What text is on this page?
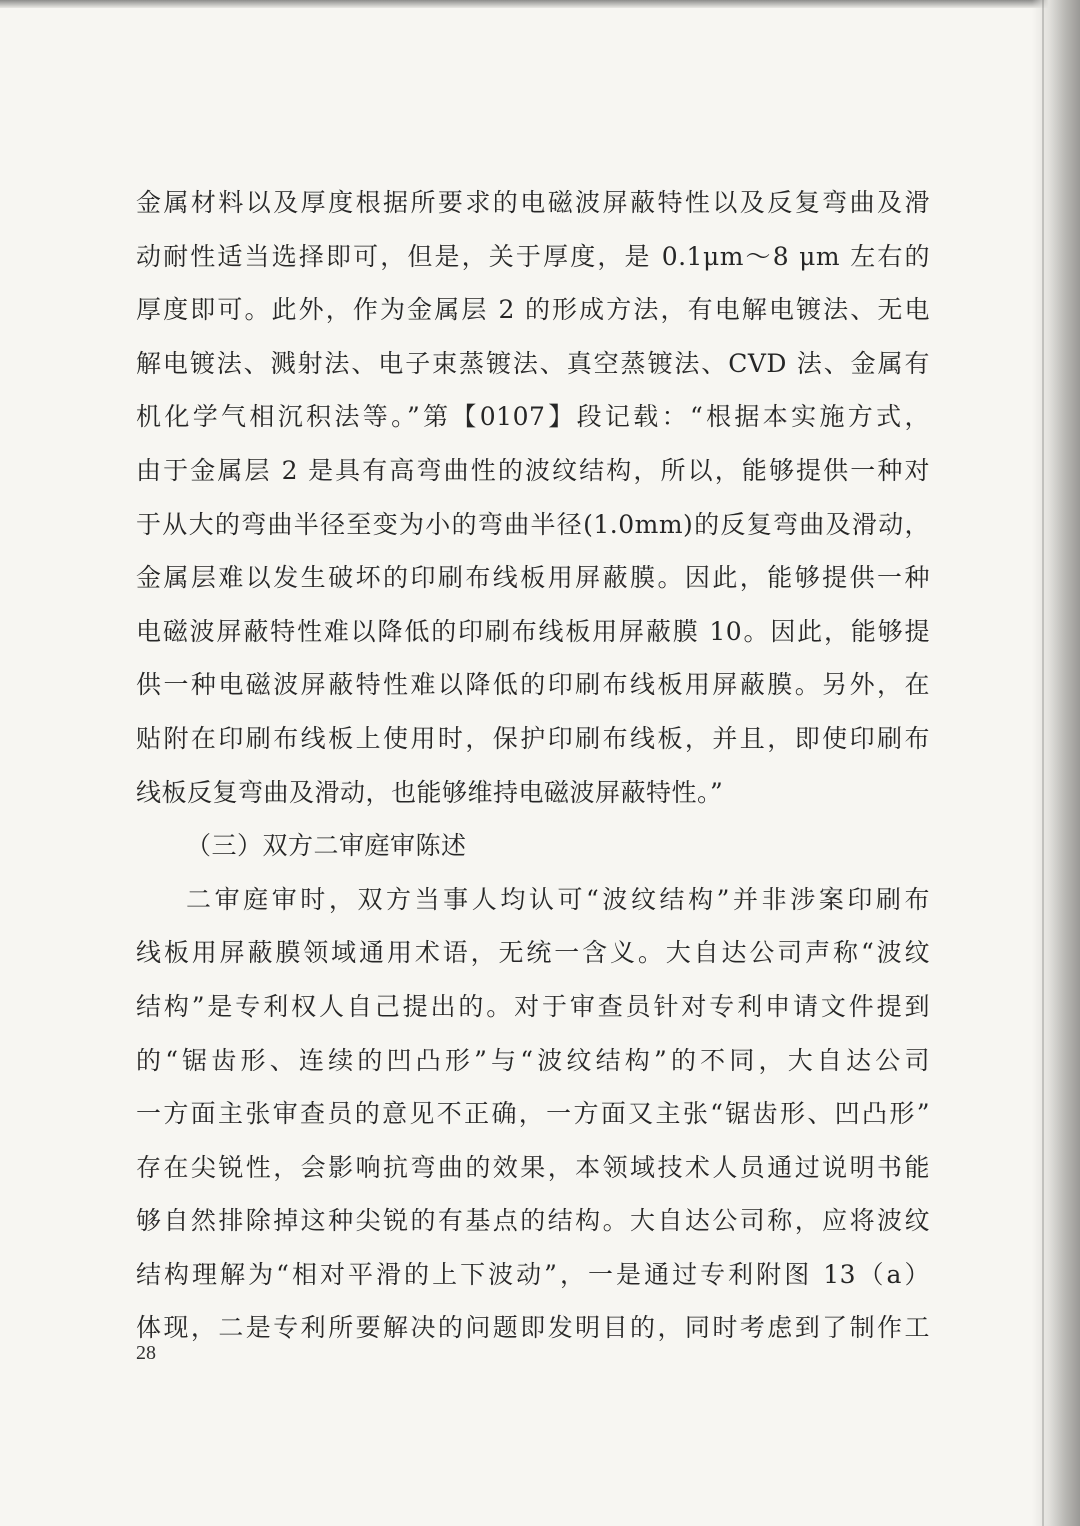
金属材料以及厚度根据所要求的电磁波屏蔽特性以及反复弯曲及滑
动耐性适当选择即可，但是，关于厚度，是 0.1μm～8 μm 左右的
厚度即可。此外，作为金属层 2 的形成方法，有电解电镀法、无电
解电镀法、溅射法、电子束蒸镀法、真空蒸镀法、CVD 法、金属有
机化学气相沉积法等。”第【0107】段记载：“根据本实施方式，
由于金属层 2 是具有高弯曲性的波纹结构，所以，能够提供一种对
于从大的弯曲半径至变为小的弯曲半径(1.0mm)的反复弯曲及滑动，
金属层难以发生破坏的印刷布线板用屏蔽膜。因此，能够提供一种
电磁波屏蔽特性难以降低的印刷布线板用屏蔽膜 10。因此，能够提
供一种电磁波屏蔽特性难以降低的印刷布线板用屏蔽膜。另外，在
贴附在印刷布线板上使用时，保护印刷布线板，并且，即使印刷布
线板反复弯曲及滑动，也能够维持电磁波屏蔽特性。”
（三）双方二审庭审陈述
二审庭审时，双方当事人均认可“波纹结构”并非涉案印刷布
线板用屏蔽膜领域通用术语，无统一含义。大自达公司声称“波纹
结构”是专利权人自己提出的。对于审查员针对专利申请文件提到
的“锯齿形、连续的凹凸形”与“波纹结构”的不同，大自达公司
一方面主张审查员的意见不正确，一方面又主张“锯齿形、凹凸形”
存在尖锐性，会影响抗弯曲的效果，本领域技术人员通过说明书能
够自然排除掉这种尖锐的有基点的结构。大自达公司称，应将波纹
结构理解为“相对平滑的上下波动”，一是通过专利附图 13（a）
体现，二是专利所要解决的问题即发明目的，同时考虑到了制作工
28
